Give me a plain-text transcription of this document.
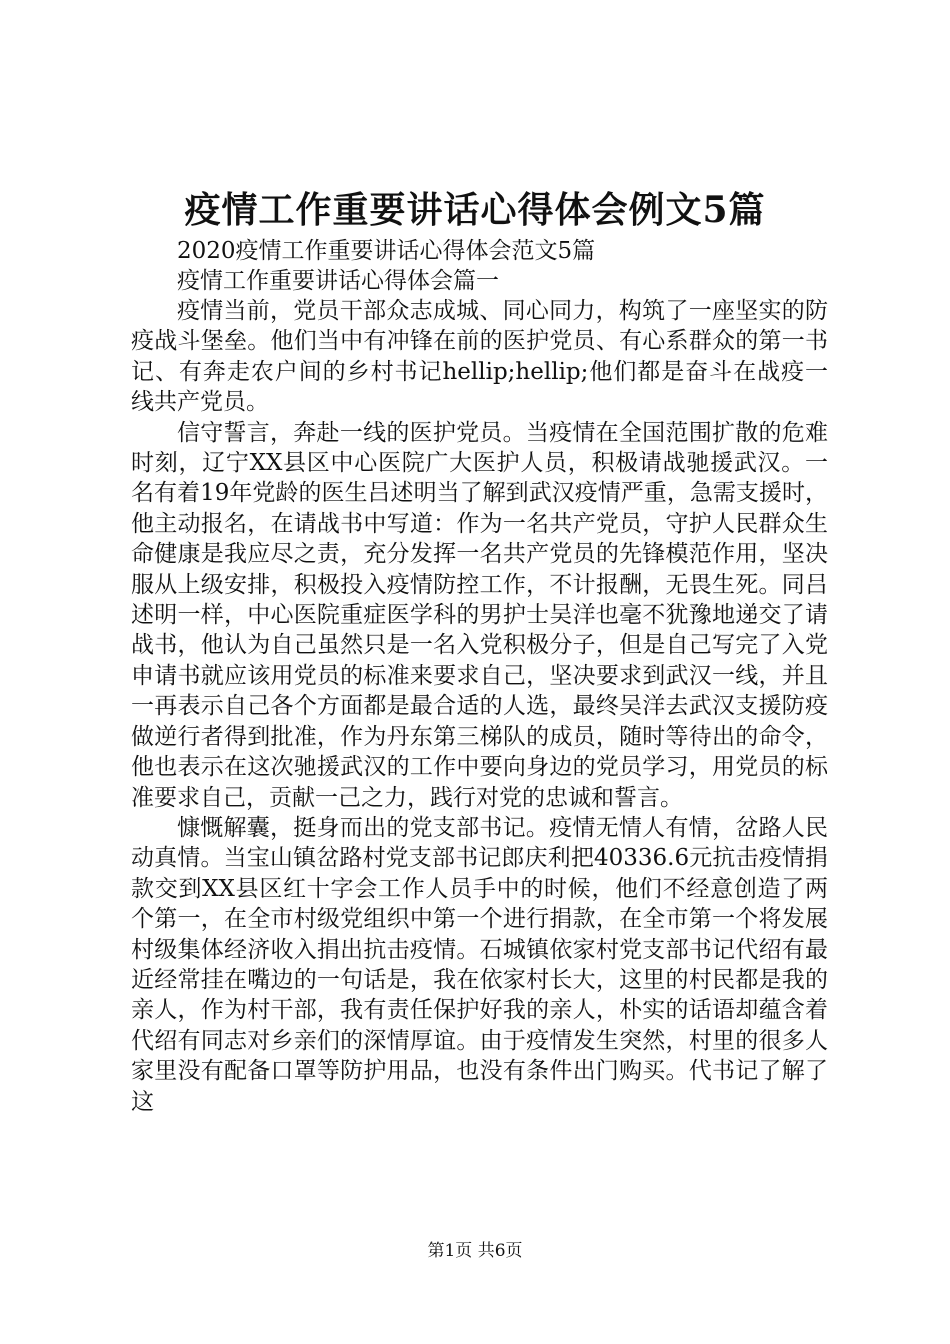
疫情工作重要讲话心得体会例文5篇

2020疫情工作重要讲话心得体会范文5篇

疫情工作重要讲话心得体会篇一

疫情当前，党员干部众志成城、同心同力，构筑了一座坚实的防疫战斗堡垒。他们当中有冲锋在前的医护党员、有心系群众的第一书记、有奔走农户间的乡村书记hellip;hellip;他们都是奋斗在战疫一线共产党员。

信守誓言，奔赴一线的医护党员。当疫情在全国范围扩散的危难时刻，辽宁XX县区中心医院广大医护人员，积极请战驰援武汉。一名有着19年党龄的医生吕述明当了解到武汉疫情严重，急需支援时，他主动报名，在请战书中写道：作为一名共产党员，守护人民群众生命健康是我应尽之责，充分发挥一名共产党员的先锋模范作用，坚决服从上级安排，积极投入疫情防控工作，不计报酬，无畏生死。同吕述明一样，中心医院重症医学科的男护士吴洋也毫不犹豫地递交了请战书，他认为自己虽然只是一名入党积极分子，但是自己写完了入党申请书就应该用党员的标准来要求自己，坚决要求到武汉一线，并且一再表示自己各个方面都是最合适的人选，最终吴洋去武汉支援防疫做逆行者得到批准，作为丹东第三梯队的成员，随时等待出的命令，他也表示在这次驰援武汉的工作中要向身边的党员学习，用党员的标准要求自己，贡献一己之力，践行对党的忠诚和誓言。

慷慨解囊，挺身而出的党支部书记。疫情无情人有情，岔路人民动真情。当宝山镇岔路村党支部书记郎庆利把40336.6元抗击疫情捐款交到XX县区红十字会工作人员手中的时候，他们不经意创造了两个第一，在全市村级党组织中第一个进行捐款，在全市第一个将发展村级集体经济收入捐出抗击疫情。石城镇依家村党支部书记代绍有最近经常挂在嘴边的一句话是，我在依家村长大，这里的村民都是我的亲人，作为村干部，我有责任保护好我的亲人，朴实的话语却蕴含着代绍有同志对乡亲们的深情厚谊。由于疫情发生突然，村里的很多人家里没有配备口罩等防护用品，也没有条件出门购买。代书记了解了这

第1页 共6页
